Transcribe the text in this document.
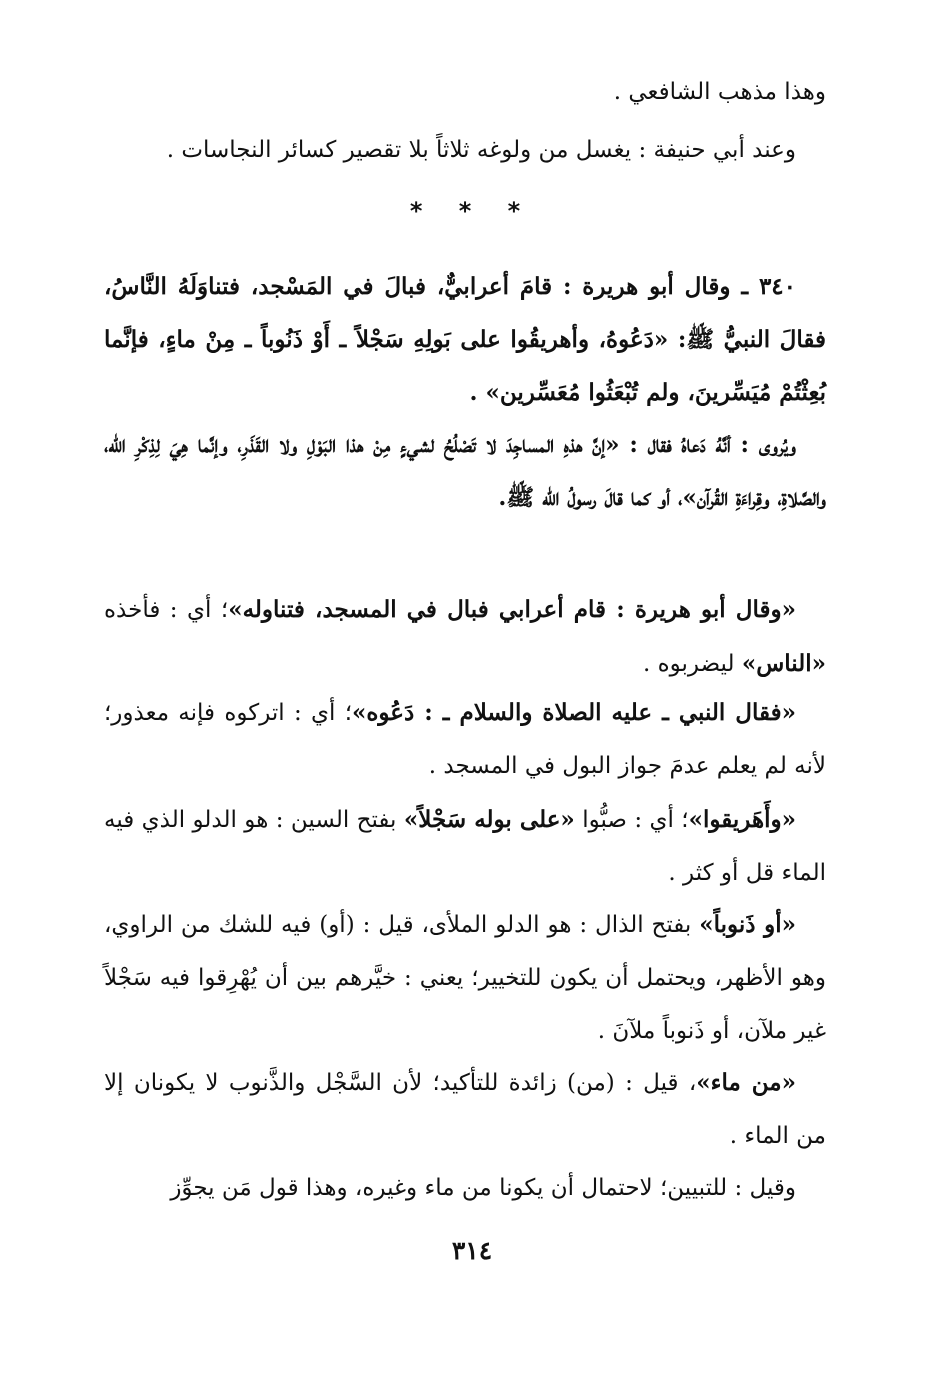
وهذا مذهب الشافعي .
وعند أبي حنيفة : يغسل من ولوغه ثلاثاً بلا تقصير كسائر النجاسات .
* * *
٣٤٠ ـ وقال أبو هريرة : قامَ أعرابيٌّ، فبالَ في المَسْجد، فتناوَلَهُ النَّاسُ، فقالَ النبيُّ ﷺ: «دَعُوهُ، وأهريقُوا على بَولِهِ سَجْلاً ـ أَوْ ذَنُوباً ـ مِنْ ماءٍ، فإنَّما بُعِثْتُمْ مُيَسِّرينَ، ولم تُبْعَثُوا مُعَسِّرين» .
ويُروى : أنَّهُ دَعاهُ فقال : «إنَّ هذهِ المساجِدَ لا تَصْلُحُ لشيءٍ مِنْ هذا البَوْلِ ولا القَذَرِ، وإنَّما هِيَ لِذِكْرِ الله، والصَّلاةِ، وقِراءَةِ القُرآن»، أو كما قالَ رسولُ الله ﷺ.
«وقال أبو هريرة : قام أعرابي فبال في المسجد، فتناوله»؛ أي : فأخذه «الناس» ليضربوه .
«فقال النبي ـ عليه الصلاة والسلام ـ : دَعُوه»؛ أي : اتركوه فإنه معذور؛ لأنه لم يعلم عدمَ جواز البول في المسجد .
«وأَهَريقوا»؛ أي : صبُّوا «على بوله سَجْلاً» بفتح السين : هو الدلو الذي فيه الماء قل أو كثر .
«أو ذَنوباً» بفتح الذال : هو الدلو الملأى، قيل : (أو) فيه للشك من الراوي، وهو الأظهر، ويحتمل أن يكون للتخيير؛ يعني : خيَّرهم بين أن يُهْرِقوا فيه سَجْلاً غير ملآن، أو ذَنوباً ملآنَ .
«من ماء»، قيل : (من) زائدة للتأكيد؛ لأن السَّجْل والذَّنوب لا يكونان إلا من الماء .
وقيل : للتبيين؛ لاحتمال أن يكونا من ماء وغيره، وهذا قول مَن يجوِّز
٣١٤
